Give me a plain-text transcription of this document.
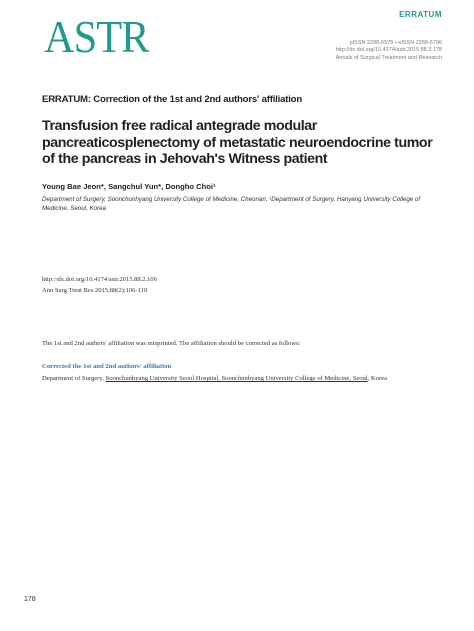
ASTR	ERRATUM
pISSN 2288-6575 • eISSN 2288-6796
http://dx.doi.org/10.4174/astr.2015.88.3.178
Annals of Surgical Treatment and Research
ERRATUM: Correction of the 1st and 2nd authors' affiliation
Transfusion free radical antegrade modular pancreaticosplenectomy of metastatic neuroendocrine tumor of the pancreas in Jehovah's Witness patient
Young Bae Jeon*, Sangchul Yun*, Dongho Choi¹
Department of Surgery, Soonchunhyang University College of Medicine, Cheonan, ¹Department of Surgery, Hanyang University College of Medicine, Seoul, Korea
http://dx.doi.org/10.4174/astr.2015.88.2.106
Ann Surg Treat Res 2015;88(2):106-110
The 1st and 2nd authors' affiliation was misprinted. The affiliation should be corrected as follows:
Corrected the 1st and 2nd authors' affiliation
Department of Surgery, Soonchunhyang University Seoul Hospital, Soonchunhyang University College of Medicine, Seoul, Korea
178
